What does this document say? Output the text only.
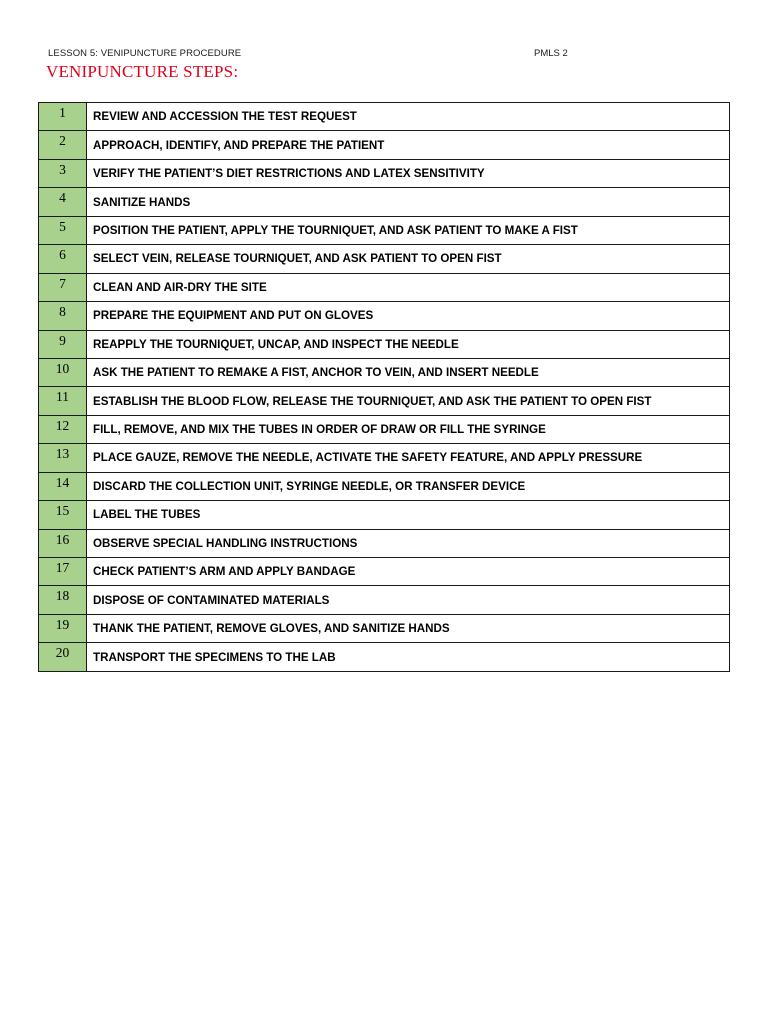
LESSON 5: VENIPUNCTURE PROCEDURE	PMLS 2
VENIPUNCTURE STEPS:
1	REVIEW AND ACCESSION THE TEST REQUEST
2	APPROACH, IDENTIFY, AND PREPARE THE PATIENT
3	VERIFY THE PATIENT’S DIET RESTRICTIONS AND LATEX SENSITIVITY
4	SANITIZE HANDS
5	POSITION THE PATIENT, APPLY THE TOURNIQUET, AND ASK PATIENT TO MAKE A FIST
6	SELECT VEIN, RELEASE TOURNIQUET, AND ASK PATIENT TO OPEN FIST
7	CLEAN AND AIR-DRY THE SITE
8	PREPARE THE EQUIPMENT AND PUT ON GLOVES
9	REAPPLY THE TOURNIQUET, UNCAP, AND INSPECT THE NEEDLE
10	ASK THE PATIENT TO REMAKE A FIST, ANCHOR TO VEIN, AND INSERT NEEDLE
11	ESTABLISH THE BLOOD FLOW, RELEASE THE TOURNIQUET, AND ASK THE PATIENT TO OPEN FIST
12	FILL, REMOVE, AND MIX THE TUBES IN ORDER OF DRAW OR FILL THE SYRINGE
13	PLACE GAUZE, REMOVE THE NEEDLE, ACTIVATE THE SAFETY FEATURE, AND APPLY PRESSURE
14	DISCARD THE COLLECTION UNIT, SYRINGE NEEDLE, OR TRANSFER DEVICE
15	LABEL THE TUBES
16	OBSERVE SPECIAL HANDLING INSTRUCTIONS
17	CHECK PATIENT’S ARM AND APPLY BANDAGE
18	DISPOSE OF CONTAMINATED MATERIALS
19	THANK THE PATIENT, REMOVE GLOVES, AND SANITIZE HANDS
20	TRANSPORT THE SPECIMENS TO THE LAB
